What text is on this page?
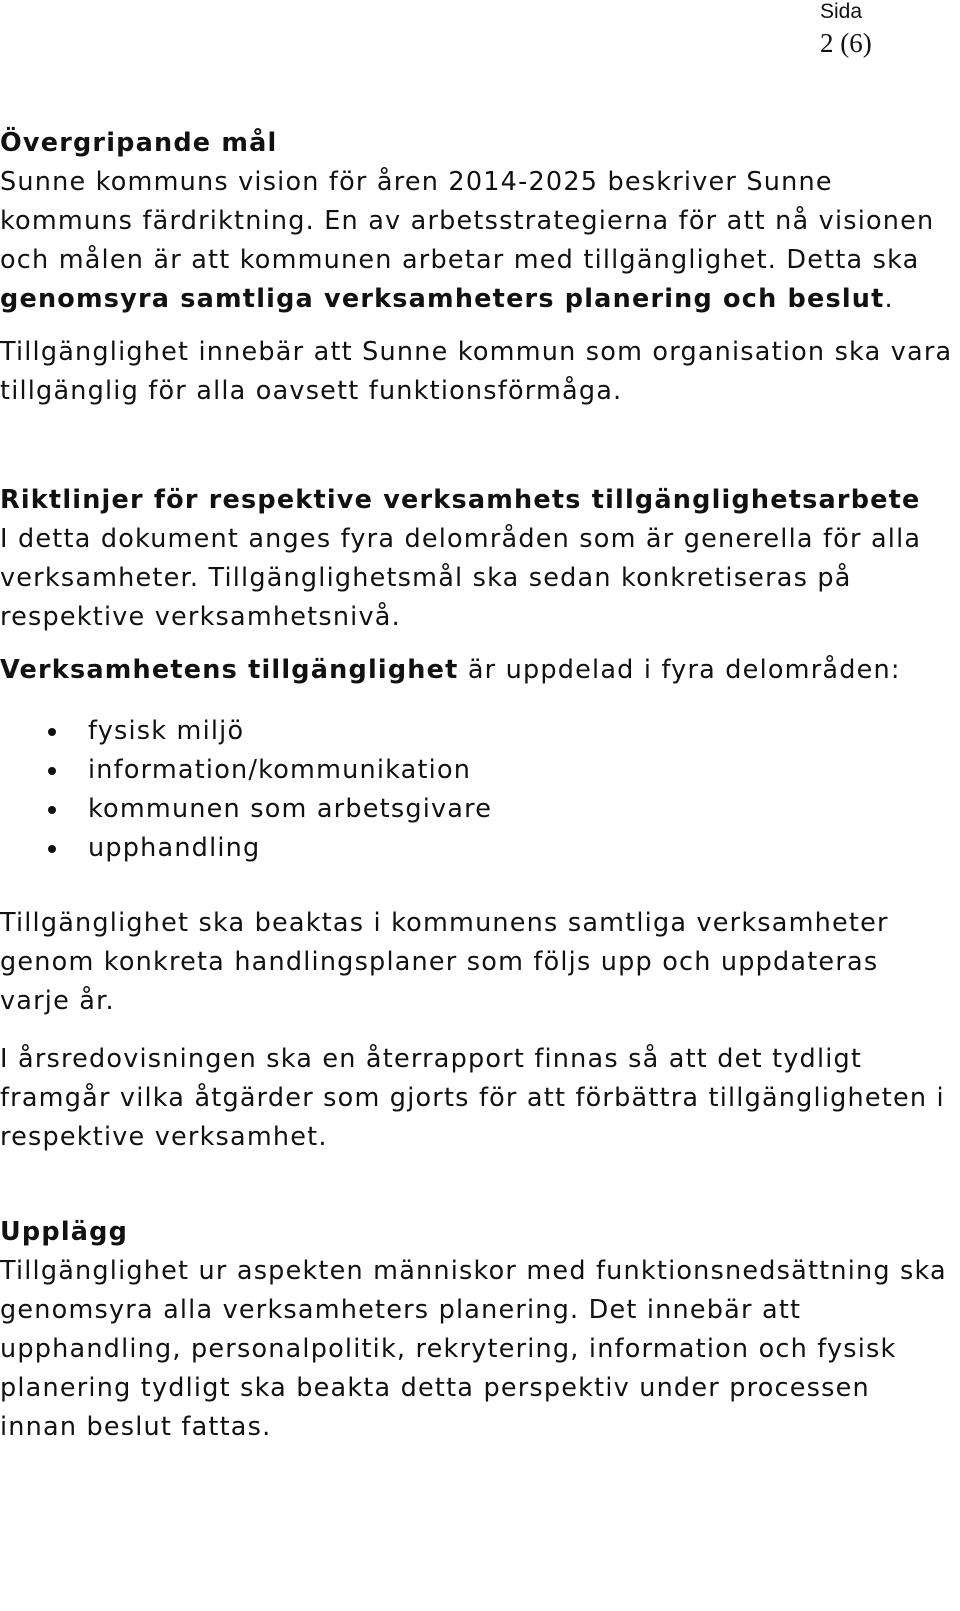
Sida
2 (6)
Övergripande mål

Sunne kommuns vision för åren 2014-2025 beskriver Sunne kommuns färdriktning. En av arbetsstrategierna för att nå visionen och målen är att kommunen arbetar med tillgänglighet. Detta ska genomsyra samtliga verksamheters planering och beslut.

Tillgänglighet innebär att Sunne kommun som organisation ska vara tillgänglig för alla oavsett funktionsförmåga.

Riktlinjer för respektive verksamhets tillgänglighetsarbete

I detta dokument anges fyra delområden som är generella för alla verksamheter. Tillgänglighetsmål ska sedan konkretiseras på respektive verksamhetsnivå.

Verksamhetens tillgänglighet är uppdelad i fyra delområden:

fysisk miljö
information/kommunikation
kommunen som arbetsgivare
upphandling

Tillgänglighet ska beaktas i kommunens samtliga verksamheter genom konkreta handlingsplaner som följs upp och uppdateras varje år.

I årsredovisningen ska en återrapport finnas så att det tydligt framgår vilka åtgärder som gjorts för att förbättra tillgängligheten i respektive verksamhet.

Upplägg

Tillgänglighet ur aspekten människor med funktionsnedsättning ska genomsyra alla verksamheters planering. Det innebär att upphandling, personalpolitik, rekrytering, information och fysisk planering tydligt ska beakta detta perspektiv under processen innan beslut fattas.
